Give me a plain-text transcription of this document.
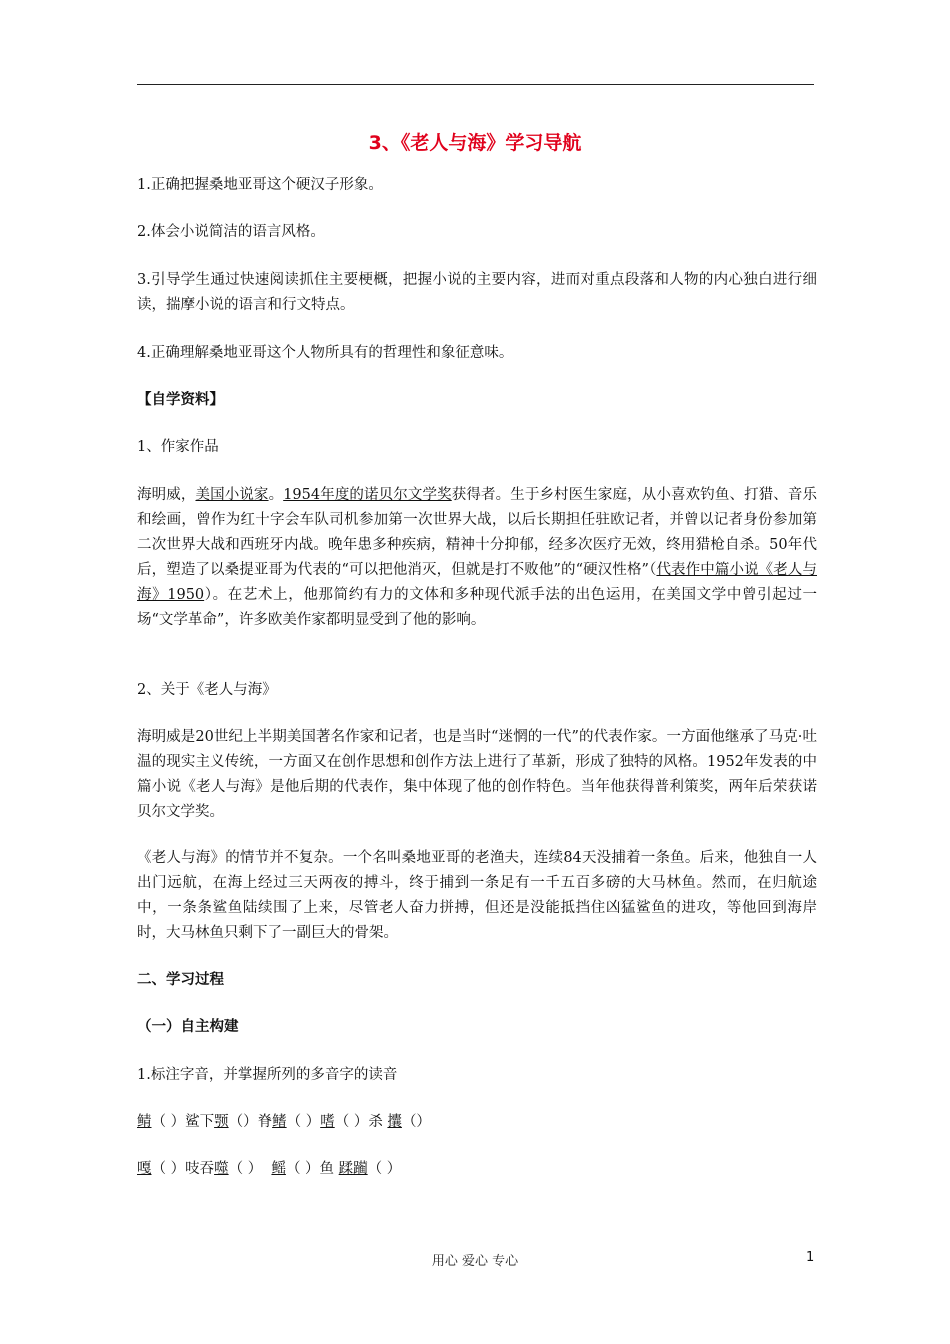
3、《老人与海》学习导航

1.正确把握桑地亚哥这个硬汉子形象。

2.体会小说简洁的语言风格。

3.引导学生通过快速阅读抓住主要梗概，把握小说的主要内容，进而对重点段落和人物的内心独白进行细读，揣摩小说的语言和行文特点。

4.正确理解桑地亚哥这个人物所具有的哲理性和象征意味。

【自学资料】

1、作家作品

海明威，美国小说家。1954年度的诺贝尔文学奖获得者。生于乡村医生家庭，从小喜欢钓鱼、打猎、音乐和绘画，曾作为红十字会车队司机参加第一次世界大战，以后长期担任驻欧记者，并曾以记者身份参加第二次世界大战和西班牙内战。晚年患多种疾病，精神十分抑郁，经多次医疗无效，终用猎枪自杀。50年代后，塑造了以桑提亚哥为代表的“可以把他消灭，但就是打不败他”的“硬汉性格”（代表作中篇小说《老人与海》1950）。在艺术上，他那简约有力的文体和多种现代派手法的出色运用，在美国文学中曾引起过一场“文学革命”，许多欧美作家都明显受到了他的影响。

2、关于《老人与海》

海明威是20世纪上半期美国著名作家和记者，也是当时“迷惘的一代”的代表作家。一方面他继承了马克·吐温的现实主义传统，一方面又在创作思想和创作方法上进行了革新，形成了独特的风格。1952年发表的中篇小说《老人与海》是他后期的代表作，集中体现了他的创作特色。当年他获得普利策奖，两年后荣获诺贝尔文学奖。

《老人与海》的情节并不复杂。一个名叫桑地亚哥的老渔夫，连续84天没捕着一条鱼。后来，他独自一人出门远航，在海上经过三天两夜的搏斗，终于捕到一条足有一千五百多磅的大马林鱼。然而，在归航途中，一条条鲨鱼陆续围了上来，尽管老人奋力拼搏，但还是没能抵挡住凶猛鲨鱼的进攻，等他回到海岸时，大马林鱼只剩下了一副巨大的骨架。

二、学习过程

（一）自主构建

1.标注字音，并掌握所列的多音字的读音

鲭（ ）鲨下颚（）脊鳍（ ）嗜（ ）杀 攮（）

嘎（ ）吱吞噬（ ） 鳐（ ）鱼 蹂躏（ ）

用心 爱心 专心	1
